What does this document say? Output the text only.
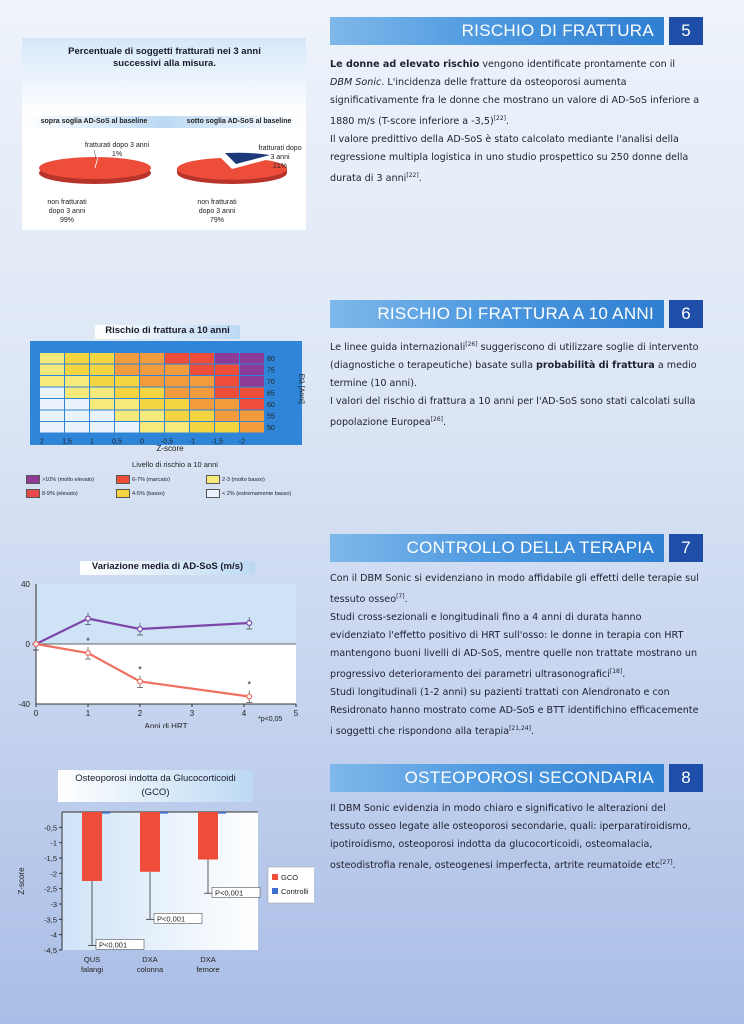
RISCHIO DI FRATTURA	5

Le donne ad elevato rischio vengono identificate prontamente con il DBM Sonic. L'incidenza delle fratture da osteoporosi aumenta significativamente fra le donne che mostrano un valore di AD-SoS inferiore a 1880 m/s (T-score inferiore a -3,5)[22].

Il valore predittivo della AD-SoS è stato calcolato mediante l'analisi della regressione multipla logistica in uno studio prospettico su 250 donne della durata di 3 anni[22].

RISCHIO DI FRATTURA A 10 ANNI	6

Le linee guida internazionali[26] suggeriscono di utilizzare soglie di intervento (diagnostiche o terapeutiche) basate sulla probabilità di frattura a medio termine (10 anni).

I valori del rischio di frattura a 10 anni per l'AD-SoS sono stati calcolati sulla popolazione Europea[26].

CONTROLLO DELLA TERAPIA	7

Con il DBM Sonic si evidenziano in modo affidabile gli effetti delle terapie sul tessuto osseo[7].

Studi cross-sezionali e longitudinali fino a 4 anni di durata hanno evidenziato l'effetto positivo di HRT sull'osso: le donne in terapia con HRT mantengono buoni livelli di AD-SoS, mentre quelle non trattate mostrano un progressivo deterioramento dei parametri ultrasonografici[18].

Studi longitudinali (1-2 anni) su pazienti trattati con Alendronato e con Residronato hanno mostrato come AD-SoS e BTT identifichino efficacemente i soggetti che rispondono alla terapia[21,24].

OSTEOPOROSI SECONDARIA	8

Il DBM Sonic evidenzia in modo chiaro e significativo le alterazioni del tessuto osseo legate alle osteoporosi secondarie, quali: iperparatiroidismo, ipotiroidismo, osteoporosi indotta da glucocorticoidi, osteomalacia, osteodistrofia renale, osteogenesi imperfecta, artrite reumatoide etc[27].

Percentuale di soggetti fratturati nei 3 anni successivi alla misura.
sopra soglia AD-SoS al baseline	sotto soglia AD-SoS al baseline
fratturati dopo 3 anni
1%
non fratturati
dopo 3 anni
99%
fratturati dopo
3 anni
21%
non fratturati
dopo 3 anni
79%
Rischio di frattura a 10 anni
2	1,5	1	0,5	0 -0,5 -1 -1,5 -2
80
75
70
65
60
55
50
Z-score
Età [Anni]
Livello di rischio a 10 anni
>10% (molto elevato)	6-7% (marcato)	2-3 (molto basso)
8-9% (elevato)	4-5% (basso)	< 2% (estremamente basso)
Variazione media di AD-SoS (m/s)
40
0
-40
0	1	2	3	4	5
Anni di HRT
*
*
*
*p<0,05
Osteoporosi indotta da Glucocorticoidi
(GCO)
-0,5
-1
-1,5
-2
-2,5
-3
-3,5
-4
-4,5
Z-score
QUS
falangi
DXA
colonna
DXA
femore
P<0,001
P<0,001
P<0,001
GCO
Controlli
